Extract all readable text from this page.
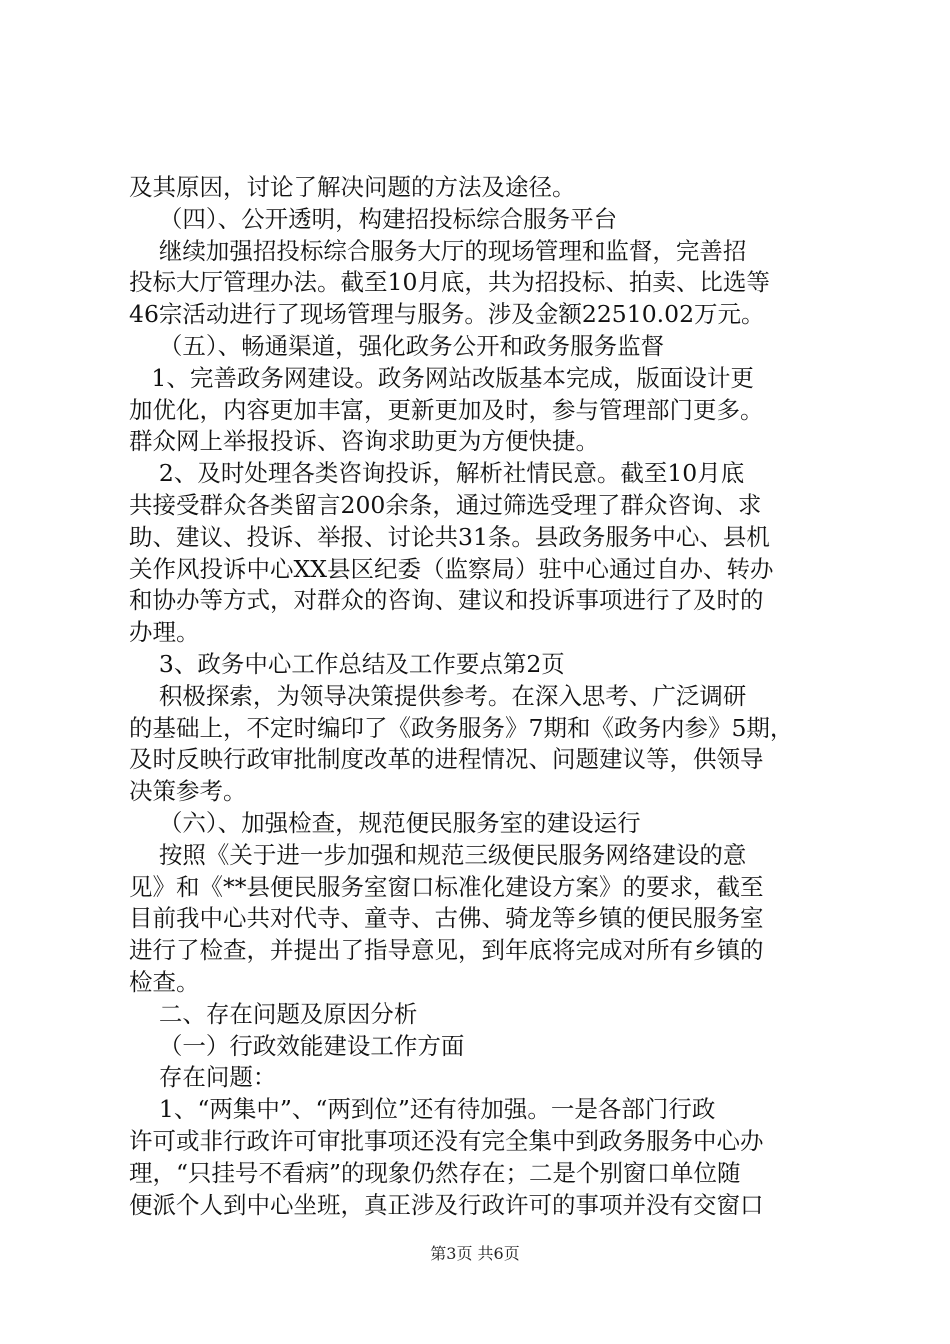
及其原因，讨论了解决问题的方法及途径。
（四）、公开透明，构建招投标综合服务平台
继续加强招投标综合服务大厅的现场管理和监督，完善招
投标大厅管理办法。截至10月底，共为招投标、拍卖、比选等
46宗活动进行了现场管理与服务。涉及金额22510.02万元。
（五）、畅通渠道，强化政务公开和政务服务监督
1、完善政务网建设。政务网站改版基本完成，版面设计更
加优化，内容更加丰富，更新更加及时，参与管理部门更多。
群众网上举报投诉、咨询求助更为方便快捷。
2、及时处理各类咨询投诉，解析社情民意。截至10月底
共接受群众各类留言200余条，通过筛选受理了群众咨询、求
助、建议、投诉、举报、讨论共31条。县政务服务中心、县机
关作风投诉中心XX县区纪委（监察局）驻中心通过自办、转办
和协办等方式，对群众的咨询、建议和投诉事项进行了及时的
办理。
3、政务中心工作总结及工作要点第2页
积极探索，为领导决策提供参考。在深入思考、广泛调研
的基础上，不定时编印了《政务服务》7期和《政务内参》5期，
及时反映行政审批制度改革的进程情况、问题建议等，供领导
决策参考。
（六）、加强检查，规范便民服务室的建设运行
按照《关于进一步加强和规范三级便民服务网络建设的意
见》和《**县便民服务室窗口标准化建设方案》的要求，截至
目前我中心共对代寺、童寺、古佛、骑龙等乡镇的便民服务室
进行了检查，并提出了指导意见，到年底将完成对所有乡镇的
检查。
二、存在问题及原因分析
（一）行政效能建设工作方面
存在问题：
1、“两集中”、“两到位”还有待加强。一是各部门行政
许可或非行政许可审批事项还没有完全集中到政务服务中心办
理，“只挂号不看病”的现象仍然存在；二是个别窗口单位随
便派个人到中心坐班，真正涉及行政许可的事项并没有交窗口
第3页 共6页
